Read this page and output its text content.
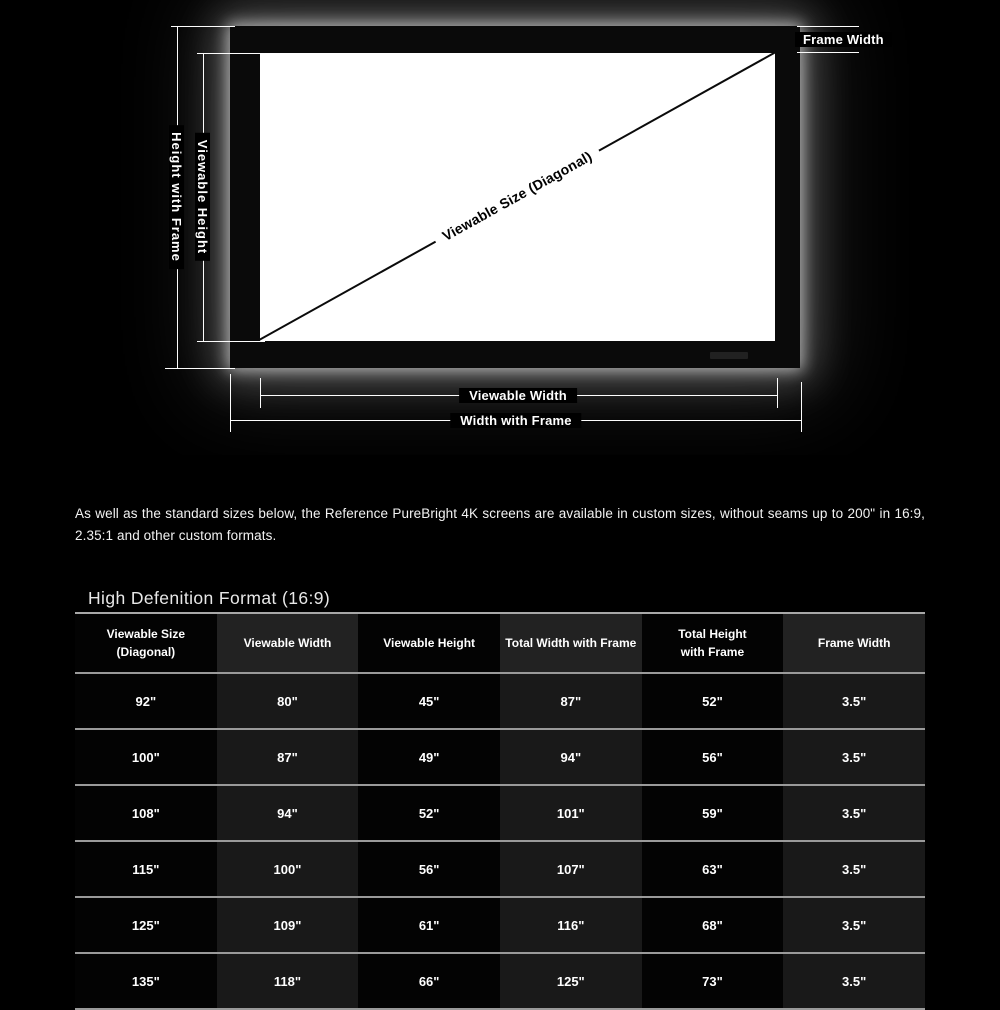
Viewable Size (Diagonal)
Height with Frame Viewable Height
Frame Width
Viewable Width
Width with Frame

As well as the standard sizes below, the Reference PureBright 4K screens are available in custom sizes, without seams up to 200" in 16:9, 2.35:1 and other custom formats.

High Defenition Format (16:9)
Viewable Size (Diagonal)	Viewable Width	Viewable Height	Total Width with Frame	Total Height with Frame	Frame Width
92"	80"	45"	87"	52"	3.5"
100"	87"	49"	94"	56"	3.5"
108"	94"	52"	101"	59"	3.5"
115"	100"	56"	107"	63"	3.5"
125"	109"	61"	116"	68"	3.5"
135"	118"	66"	125"	73"	3.5"
